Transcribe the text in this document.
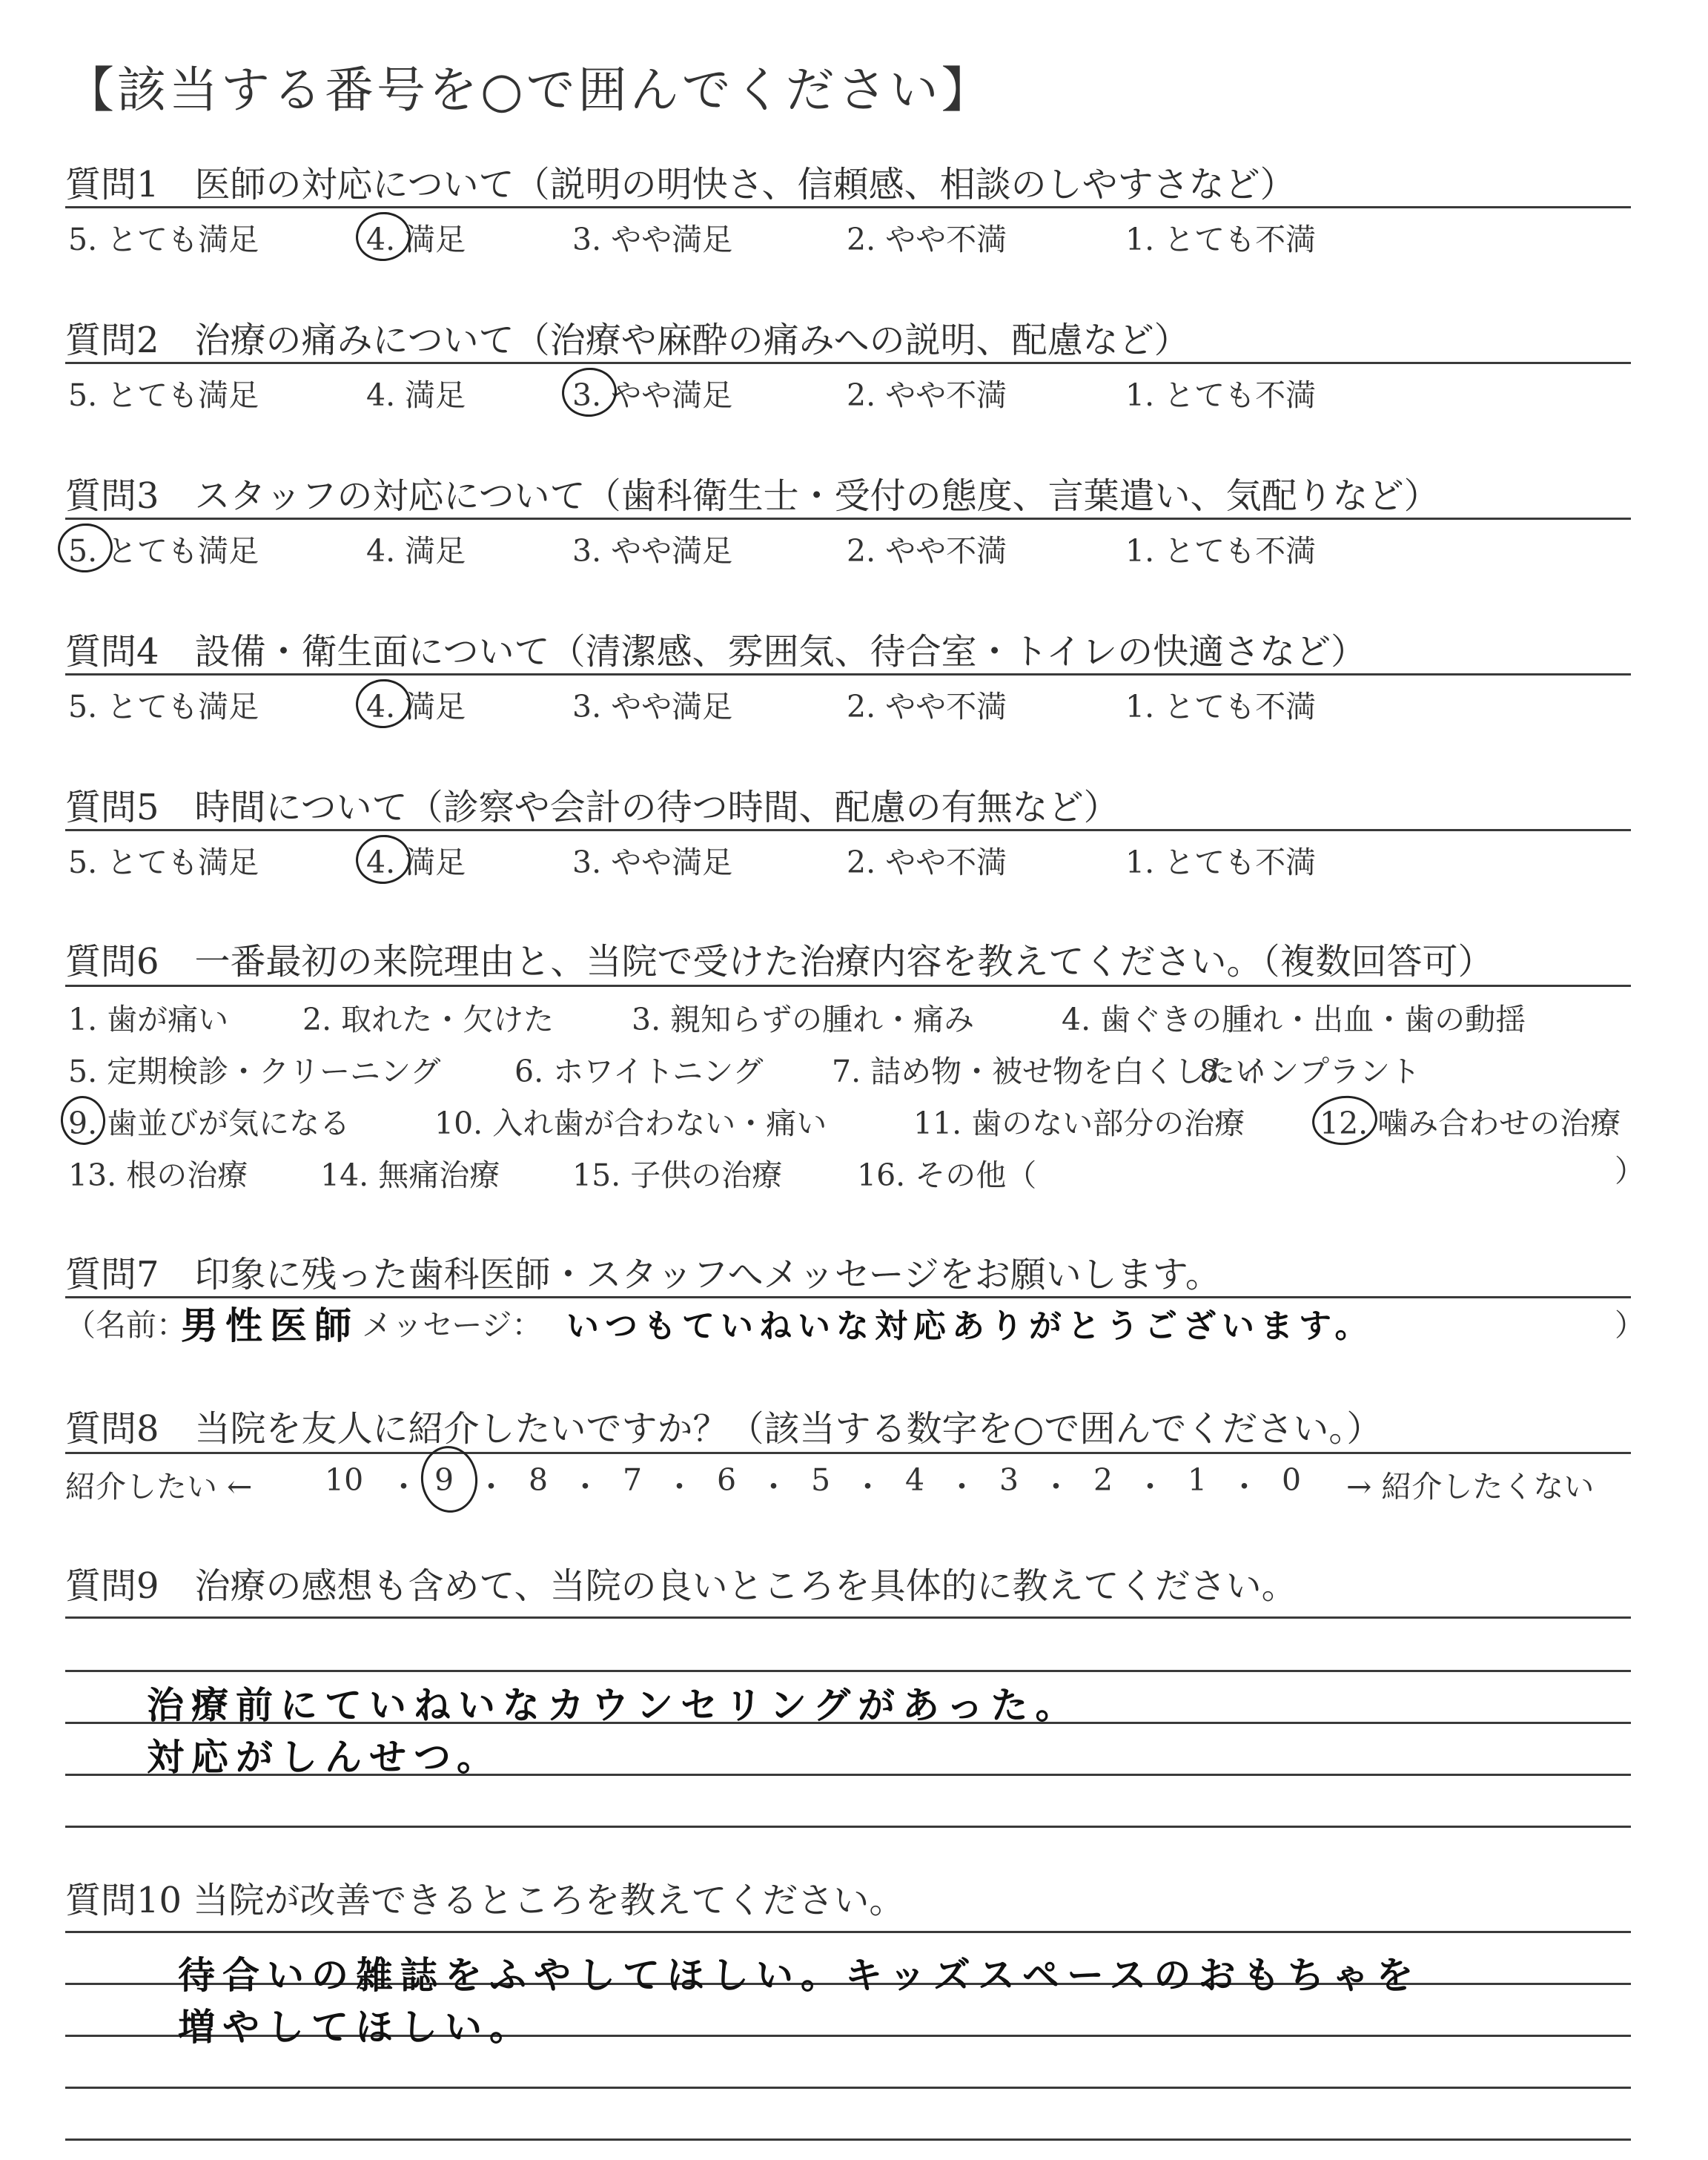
【該当する番号を○で囲んでください】
質問1　医師の対応について（説明の明快さ、信頼感、相談のしやすさなど）
5. とても満足	4. 満足	3. やや満足	2. やや不満	1. とても不満
質問2　治療の痛みについて（治療や麻酔の痛みへの説明、配慮など）
5. とても満足	4. 満足	3. やや満足	2. やや不満	1. とても不満
質問3　スタッフの対応について（歯科衛生士・受付の態度、言葉遣い、気配りなど）
5. とても満足	4. 満足	3. やや満足	2. やや不満	1. とても不満
質問4　設備・衛生面について（清潔感、雰囲気、待合室・トイレの快適さなど）
5. とても満足	4. 満足	3. やや満足	2. やや不満	1. とても不満
質問5　時間について（診察や会計の待つ時間、配慮の有無など）
5. とても満足	4. 満足	3. やや満足	2. やや不満	1. とても不満
質問6　一番最初の来院理由と、当院で受けた治療内容を教えてください。（複数回答可）
1. 歯が痛い 2. 取れた・欠けた	3. 親知らずの腫れ・痛み	4. 歯ぐきの腫れ・出血・歯の動揺
5. 定期検診・クリーニング 6. ホワイトニング 7. 詰め物・被せ物を白くしたい
8. インプラント
9. 歯並びが気になる	10. 入れ歯が合わない・痛い	11. 歯のない部分の治療 12. 噛み合わせの治療
13. 根の治療 14. 無痛治療 15. 子供の治療 16. その他（	）
質問7　印象に残った歯科医師・スタッフへメッセージをお願いします。
（名前：
男性医師 メッセージ： いつもていねいな対応ありがとうございます。	）
質問8　当院を友人に紹介したいですか？（該当する数字を○で囲んでください。）
紹介したい ← 10 ・ 9 ・ 8 ・ 7 ・ 6 ・ 5 ・ 4 ・ 3 ・ 2 ・ 1 ・ 0 → 紹介したくない
質問9　治療の感想も含めて、当院の良いところを具体的に教えてください。
治療前にていねいなカウンセリングがあった。
対応がしんせつ。
質問10 当院が改善できるところを教えてください。
待合いの雑誌をふやしてほしい。キッズスペースのおもちゃを
増やしてほしい。
